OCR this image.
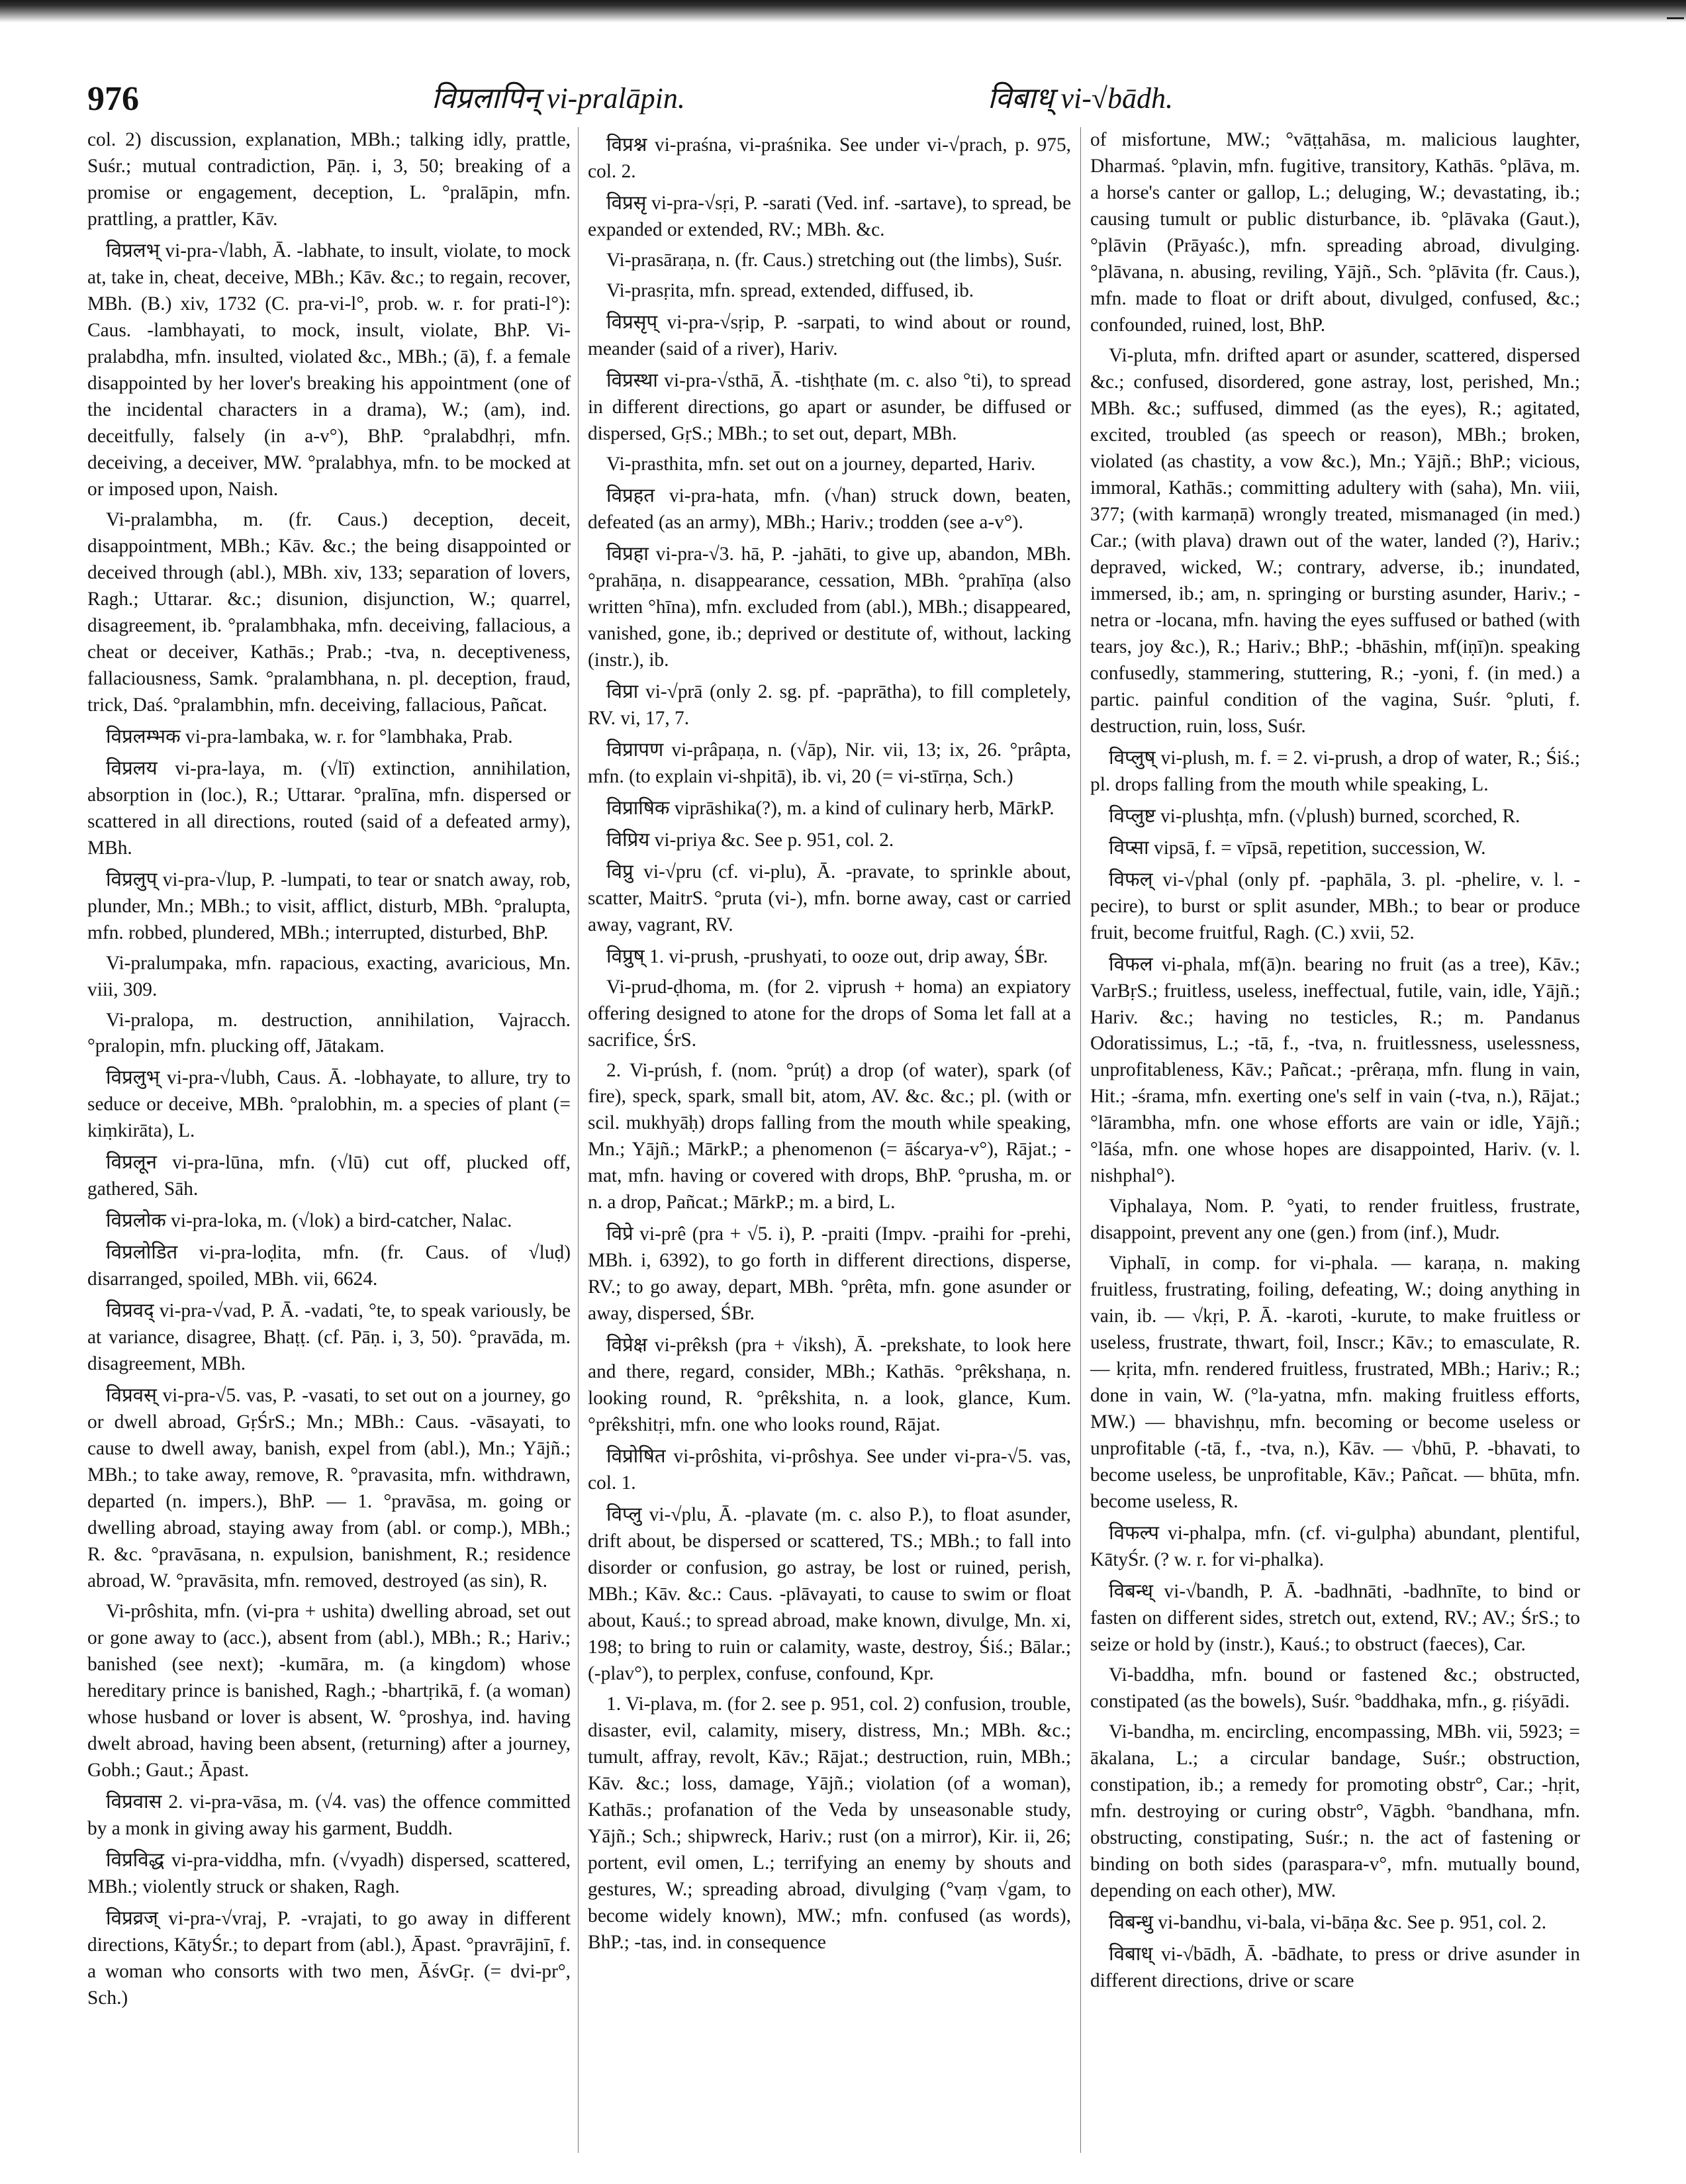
976	विप्रलापिन् vi-pralāpin.	विबाध् vi-√bādh.

col. 2) discussion, explanation, MBh.; talking idly, prattle, Suśr.; mutual contradiction, Pāṇ. i, 3, 50; breaking of a promise or engagement, deception, L. °pralāpin, mfn. prattling, a prattler, Kāv.

विप्रलभ् vi-pra-√labh, Ā. -labhate, to insult, violate, to mock at, take in, cheat, deceive, MBh.; Kāv. &c.; to regain, recover, MBh. (B.) xiv, 1732 (C. pra-vi-l°, prob. w. r. for prati-l°): Caus. -lambhayati, to mock, insult, violate, BhP. Vi-pralabdha, mfn. insulted, violated &c., MBh.; (ā), f. a female disappointed by her lover's breaking his appointment (one of the incidental characters in a drama), W.; (am), ind. deceitfully, falsely (in a-v°), BhP. °pralabdhṛi, mfn. deceiving, a deceiver, MW. °pralabhya, mfn. to be mocked at or imposed upon, Naish.

Vi-pralambha, m. (fr. Caus.) deception, deceit, disappointment, MBh.; Kāv. &c.; the being disappointed or deceived through (abl.), MBh. xiv, 133; separation of lovers, Ragh.; Uttarar. &c.; disunion, disjunction, W.; quarrel, disagreement, ib. °pralambhaka, mfn. deceiving, fallacious, a cheat or deceiver, Kathās.; Prab.; -tva, n. deceptiveness, fallaciousness, Samk. °pralambhana, n. pl. deception, fraud, trick, Daś. °pralambhin, mfn. deceiving, fallacious, Pañcat.

विप्रलम्भक vi-pra-lambaka, w. r. for °lambhaka, Prab.

विप्रलय vi-pra-laya, m. (√lī) extinction, annihilation, absorption in (loc.), R.; Uttarar. °pralīna, mfn. dispersed or scattered in all directions, routed (said of a defeated army), MBh.

विप्रलुप् vi-pra-√lup, P. -lumpati, to tear or snatch away, rob, plunder, Mn.; MBh.; to visit, afflict, disturb, MBh. °pralupta, mfn. robbed, plundered, MBh.; interrupted, disturbed, BhP.

Vi-pralumpaka, mfn. rapacious, exacting, avaricious, Mn. viii, 309.

Vi-pralopa, m. destruction, annihilation, Vajracch. °pralopin, mfn. plucking off, Jātakam.

विप्रलुभ् vi-pra-√lubh, Caus. Ā. -lobhayate, to allure, try to seduce or deceive, MBh. °pralobhin, m. a species of plant (= kiṃkirāta), L.

विप्रलून vi-pra-lūna, mfn. (√lū) cut off, plucked off, gathered, Sāh.

विप्रलोक vi-pra-loka, m. (√lok) a bird-catcher, Nalac.

विप्रलोडित vi-pra-loḍita, mfn. (fr. Caus. of √luḍ) disarranged, spoiled, MBh. vii, 6624.

विप्रवद् vi-pra-√vad, P. Ā. -vadati, °te, to speak variously, be at variance, disagree, Bhaṭṭ. (cf. Pāṇ. i, 3, 50). °pravāda, m. disagreement, MBh.

विप्रवस् vi-pra-√5. vas, P. -vasati, to set out on a journey, go or dwell abroad, GṛŚrS.; Mn.; MBh.: Caus. -vāsayati, to cause to dwell away, banish, expel from (abl.), Mn.; Yājñ.; MBh.; to take away, remove, R. °pravasita, mfn. withdrawn, departed (n. impers.), BhP. — 1. °pravāsa, m. going or dwelling abroad, staying away from (abl. or comp.), MBh.; R. &c. °pravāsana, n. expulsion, banishment, R.; residence abroad, W. °pravāsita, mfn. removed, destroyed (as sin), R.

Vi-prôshita, mfn. (vi-pra + ushita) dwelling abroad, set out or gone away to (acc.), absent from (abl.), MBh.; R.; Hariv.; banished (see next); -kumāra, m. (a kingdom) whose hereditary prince is banished, Ragh.; -bhartṛikā, f. (a woman) whose husband or lover is absent, W. °proshya, ind. having dwelt abroad, having been absent, (returning) after a journey, Gobh.; Gaut.; Āpast.

विप्रवास 2. vi-pra-vāsa, m. (√4. vas) the offence committed by a monk in giving away his garment, Buddh.

विप्रविद्ध vi-pra-viddha, mfn. (√vyadh) dispersed, scattered, MBh.; violently struck or shaken, Ragh.

विप्रव्रज् vi-pra-√vraj, P. -vrajati, to go away in different directions, KātyŚr.; to depart from (abl.), Āpast. °pravrājinī, f. a woman who consorts with two men, ĀśvGṛ. (= dvi-pr°, Sch.)

विप्रश्न vi-praśna, vi-praśnika. See under vi-√prach, p. 975, col. 2.

विप्रसृ vi-pra-√sṛi, P. -sarati (Ved. inf. -sartave), to spread, be expanded or extended, RV.; MBh. &c.

Vi-prasāraṇa, n. (fr. Caus.) stretching out (the limbs), Suśr.

Vi-prasṛita, mfn. spread, extended, diffused, ib.

विप्रसृप् vi-pra-√sṛip, P. -sarpati, to wind about or round, meander (said of a river), Hariv.

विप्रस्था vi-pra-√sthā, Ā. -tishṭhate (m. c. also °ti), to spread in different directions, go apart or asunder, be diffused or dispersed, GṛS.; MBh.; to set out, depart, MBh.

Vi-prasthita, mfn. set out on a journey, departed, Hariv.

विप्रहत vi-pra-hata, mfn. (√han) struck down, beaten, defeated (as an army), MBh.; Hariv.; trodden (see a-v°).

विप्रहा vi-pra-√3. hā, P. -jahāti, to give up, abandon, MBh. °prahāṇa, n. disappearance, cessation, MBh. °prahīṇa (also written °hīna), mfn. excluded from (abl.), MBh.; disappeared, vanished, gone, ib.; deprived or destitute of, without, lacking (instr.), ib.

विप्रा vi-√prā (only 2. sg. pf. -paprātha), to fill completely, RV. vi, 17, 7.

विप्रापण vi-prâpaṇa, n. (√āp), Nir. vii, 13; ix, 26. °prâpta, mfn. (to explain vi-shpitā), ib. vi, 20 (= vi-stīrṇa, Sch.)

विप्राषिक viprāshika(?), m. a kind of culinary herb, MārkP.

विप्रिय vi-priya &c. See p. 951, col. 2.

विप्रु vi-√pru (cf. vi-plu), Ā. -pravate, to sprinkle about, scatter, MaitrS. °pruta (vi-), mfn. borne away, cast or carried away, vagrant, RV.

विप्रुष् 1. vi-prush, -prushyati, to ooze out, drip away, ŚBr.

Vi-prud-ḍhoma, m. (for 2. viprush + homa) an expiatory offering designed to atone for the drops of Soma let fall at a sacrifice, ŚrS.

2. Vi-prúsh, f. (nom. °prúṭ) a drop (of water), spark (of fire), speck, spark, small bit, atom, AV. &c. &c.; pl. (with or scil. mukhyāḥ) drops falling from the mouth while speaking, Mn.; Yājñ.; MārkP.; a phenomenon (= āścarya-v°), Rājat.; -mat, mfn. having or covered with drops, BhP. °prusha, m. or n. a drop, Pañcat.; MārkP.; m. a bird, L.

विप्रे vi-prê (pra + √5. i), P. -praiti (Impv. -praihi for -prehi, MBh. i, 6392), to go forth in different directions, disperse, RV.; to go away, depart, MBh. °prêta, mfn. gone asunder or away, dispersed, ŚBr.

विप्रेक्ष vi-prêksh (pra + √iksh), Ā. -prekshate, to look here and there, regard, consider, MBh.; Kathās. °prêkshaṇa, n. looking round, R. °prêkshita, n. a look, glance, Kum. °prêkshitṛi, mfn. one who looks round, Rājat.

विप्रोषित vi-prôshita, vi-prôshya. See under vi-pra-√5. vas, col. 1.

विप्लु vi-√plu, Ā. -plavate (m. c. also P.), to float asunder, drift about, be dispersed or scattered, TS.; MBh.; to fall into disorder or confusion, go astray, be lost or ruined, perish, MBh.; Kāv. &c.: Caus. -plāvayati, to cause to swim or float about, Kauś.; to spread abroad, make known, divulge, Mn. xi, 198; to bring to ruin or calamity, waste, destroy, Śiś.; Bālar.; (-plav°), to perplex, confuse, confound, Kpr.

1. Vi-plava, m. (for 2. see p. 951, col. 2) confusion, trouble, disaster, evil, calamity, misery, distress, Mn.; MBh. &c.; tumult, affray, revolt, Kāv.; Rājat.; destruction, ruin, MBh.; Kāv. &c.; loss, damage, Yājñ.; violation (of a woman), Kathās.; profanation of the Veda by unseasonable study, Yājñ.; Sch.; shipwreck, Hariv.; rust (on a mirror), Kir. ii, 26; portent, evil omen, L.; terrifying an enemy by shouts and gestures, W.; spreading abroad, divulging (°vaṃ √gam, to become widely known), MW.; mfn. confused (as words), BhP.; -tas, ind. in consequence

of misfortune, MW.; °vāṭṭahāsa, m. malicious laughter, Dharmaś. °plavin, mfn. fugitive, transitory, Kathās. °plāva, m. a horse's canter or gallop, L.; deluging, W.; devastating, ib.; causing tumult or public disturbance, ib. °plāvaka (Gaut.), °plāvin (Prāyaśc.), mfn. spreading abroad, divulging. °plāvana, n. abusing, reviling, Yājñ., Sch. °plāvita (fr. Caus.), mfn. made to float or drift about, divulged, confused, &c.; confounded, ruined, lost, BhP.

Vi-pluta, mfn. drifted apart or asunder, scattered, dispersed &c.; confused, disordered, gone astray, lost, perished, Mn.; MBh. &c.; suffused, dimmed (as the eyes), R.; agitated, excited, troubled (as speech or reason), MBh.; broken, violated (as chastity, a vow &c.), Mn.; Yājñ.; BhP.; vicious, immoral, Kathās.; committing adultery with (saha), Mn. viii, 377; (with karmaṇā) wrongly treated, mismanaged (in med.) Car.; (with plava) drawn out of the water, landed (?), Hariv.; depraved, wicked, W.; contrary, adverse, ib.; inundated, immersed, ib.; am, n. springing or bursting asunder, Hariv.; -netra or -locana, mfn. having the eyes suffused or bathed (with tears, joy &c.), R.; Hariv.; BhP.; -bhāshin, mf(iṇī)n. speaking confusedly, stammering, stuttering, R.; -yoni, f. (in med.) a partic. painful condition of the vagina, Suśr. °pluti, f. destruction, ruin, loss, Suśr.

विप्लुष् vi-plush, m. f. = 2. vi-prush, a drop of water, R.; Śiś.; pl. drops falling from the mouth while speaking, L.

विप्लुष्ट vi-plushṭa, mfn. (√plush) burned, scorched, R.

विप्सा vipsā, f. = vīpsā, repetition, succession, W.

विफल् vi-√phal (only pf. -paphāla, 3. pl. -phelire, v. l. -pecire), to burst or split asunder, MBh.; to bear or produce fruit, become fruitful, Ragh. (C.) xvii, 52.

विफल vi-phala, mf(ā)n. bearing no fruit (as a tree), Kāv.; VarBṛS.; fruitless, useless, ineffectual, futile, vain, idle, Yājñ.; Hariv. &c.; having no testicles, R.; m. Pandanus Odoratissimus, L.; -tā, f., -tva, n. fruitlessness, uselessness, unprofitableness, Kāv.; Pañcat.; -prêraṇa, mfn. flung in vain, Hit.; -śrama, mfn. exerting one's self in vain (-tva, n.), Rājat.; °lārambha, mfn. one whose efforts are vain or idle, Yājñ.; °lāśa, mfn. one whose hopes are disappointed, Hariv. (v. l. nishphal°).

Viphalaya, Nom. P. °yati, to render fruitless, frustrate, disappoint, prevent any one (gen.) from (inf.), Mudr.

Viphalī, in comp. for vi-phala. — karaṇa, n. making fruitless, frustrating, foiling, defeating, W.; doing anything in vain, ib. — √kṛi, P. Ā. -karoti, -kurute, to make fruitless or useless, frustrate, thwart, foil, Inscr.; Kāv.; to emasculate, R. — kṛita, mfn. rendered fruitless, frustrated, MBh.; Hariv.; R.; done in vain, W. (°la-yatna, mfn. making fruitless efforts, MW.) — bhavishṇu, mfn. becoming or become useless or unprofitable (-tā, f., -tva, n.), Kāv. — √bhū, P. -bhavati, to become useless, be unprofitable, Kāv.; Pañcat. — bhūta, mfn. become useless, R.

विफल्प vi-phalpa, mfn. (cf. vi-gulpha) abundant, plentiful, KātyŚr. (? w. r. for vi-phalka).

विबन्ध् vi-√bandh, P. Ā. -badhnāti, -badhnīte, to bind or fasten on different sides, stretch out, extend, RV.; AV.; ŚrS.; to seize or hold by (instr.), Kauś.; to obstruct (faeces), Car.

Vi-baddha, mfn. bound or fastened &c.; obstructed, constipated (as the bowels), Suśr. °baddhaka, mfn., g. ṛiśyādi.

Vi-bandha, m. encircling, encompassing, MBh. vii, 5923; = ākalana, L.; a circular bandage, Suśr.; obstruction, constipation, ib.; a remedy for promoting obstr°, Car.; -hṛit, mfn. destroying or curing obstr°, Vāgbh. °bandhana, mfn. obstructing, constipating, Suśr.; n. the act of fastening or binding on both sides (paraspara-v°, mfn. mutually bound, depending on each other), MW.

विबन्धु vi-bandhu, vi-bala, vi-bāṇa &c. See p. 951, col. 2.

विबाध् vi-√bādh, Ā. -bādhate, to press or drive asunder in different directions, drive or scare
